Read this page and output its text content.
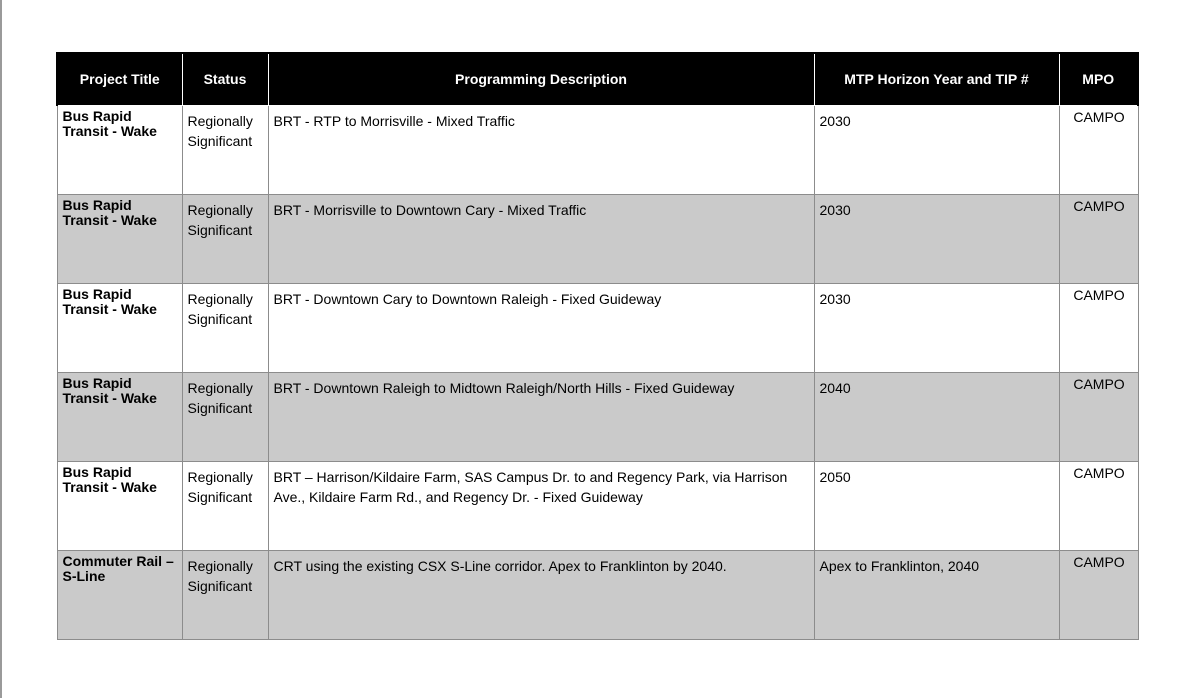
Project Title	Status	Programming Description	MTP Horizon Year and TIP #	MPO

Bus Rapid Transit - Wake	Regionally Significant	BRT - RTP to Morrisville - Mixed Traffic	2030	CAMPO

Bus Rapid Transit - Wake	Regionally Significant	BRT - Morrisville to Downtown Cary - Mixed Traffic	2030	CAMPO

Bus Rapid Transit - Wake	Regionally Significant	BRT - Downtown Cary to Downtown Raleigh - Fixed Guideway	2030	CAMPO

Bus Rapid Transit - Wake	Regionally Significant	BRT - Downtown Raleigh to Midtown Raleigh/North Hills - Fixed Guideway	2040	CAMPO

Bus Rapid Transit - Wake	Regionally Significant	BRT – Harrison/Kildaire Farm, SAS Campus Dr. to and Regency Park, via Harrison Ave., Kildaire Farm Rd., and Regency Dr. - Fixed Guideway	2050	CAMPO

Commuter Rail – S-Line	Regionally Significant	CRT using the existing CSX S-Line corridor. Apex to Franklinton by 2040.	Apex to Franklinton, 2040	CAMPO
